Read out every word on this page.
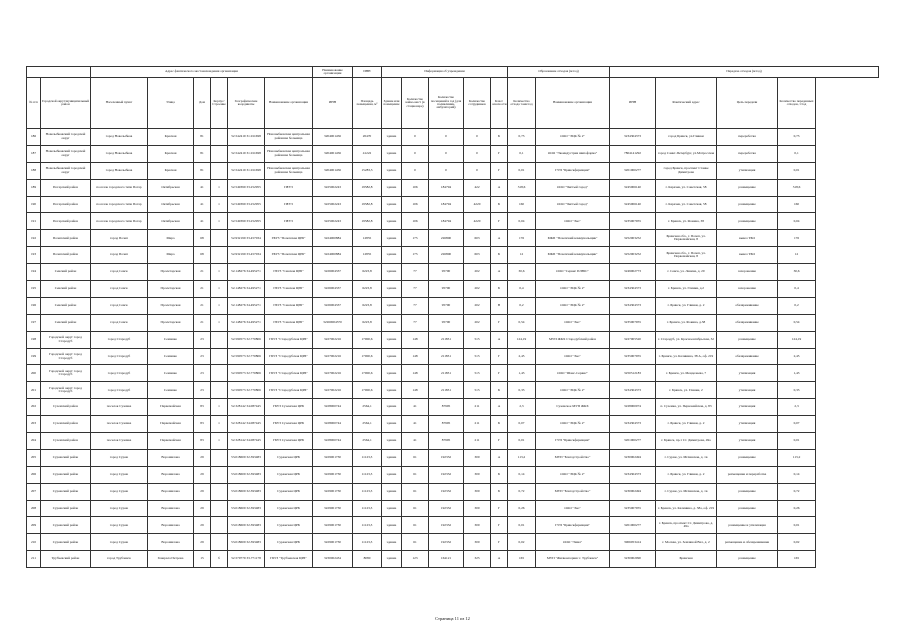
		Адрес фактического местонахождения организации						Наименование организации	ИНН	Информация об учреждении					Образование отходов (м/год)		Передача отходов (м/год)			
№ п/п	Городской округ/муниципальный район	Населенный пункт	Улица	Дом	Корпус/ Строение	Географические координаты	Наименование организации	ИНН	Площадь помещения, м²	Здание или помещение	Количество койко-мест (в стационаре)	Количество посещений в год (для поликлиник, амбулаторий)	Количество сотрудников	Класс опасности	Количество отхода тонн/год	Наименование организации	ИНН	Фактический адрес	Цель передачи	Количество переданных отходов, т/год
186	Новозыбковский городской округ	город Новозыбков	Красная	81		52.542419 31.911698	Новозыбковская центральная районная больница	3204001456	20470	здание	0	0	0	Б	0,73	ООО "ЭЦК № 2"	3234304373	город Брянск, ул.Глинки	переработка	0,73
187	Новозыбковский городской округ	город Новозыбков	Красная	81		52.542419 31.911698	Новозыбковская центральная районная больница	3204001456	41222	здание	0	0	0	Г	0,1	ООО "Экоиндустрия шипофарма"	7804141292	город Санкт-Петербург, ул.Матросская	переработка	0,1
188	Новозыбковский городской округ	город Новозыбков	Красная	81		52.542419 31.911698	Новозыбковская центральная районная больница	3204001456	15283,3	здание	0	0	0	Г	0,01	ГУП "Брянскфармация"	3201000277	город Брянск, проспект Станке Димитрова	утилизация	0,01
189	Погарский район	поселок городского типа Погар	Октябрьская	41	1	52.549399 33.252955	ПЕУЗ	3225002243	19582,8	здание	106	184794	422	А	318,6	ООО "Чистый город"	3245006140	г. Карачев, ул. Советская, 58	размещение	318,6
190	Погарский район	поселок городского типа Погар	Октябрьская	41	1	52.549399 33.252955	ПЕУЗ	3225002243	19582,8	здание	106	184794	4220	Б	160	ООО "Чистый город"	3245006140	г. Карачев, ул. Советская, 58	размещение	160
191	Погарский район	поселок городского типа Погар	Октябрьская	41	1	52.549399 33.252955	ПЕУЗ	3225002243	19582,8	здание	106	184794	4220	Г	0,04	ООО "Эко"	3235007955	г. Брянск, ул. Фокина, 38	размещение	0,04
192	Почепский район	город Почеп	Мира	68		52.932199 33.457034	ГБУЗ "Почепская ЦРБ"	3224000884	12855	здание	175	226800	603	А	176	МКП "Почепский коммунальщик"	3252003252	Брянская обл., г. Почеп, ул. Первомайская, 8	вывоз ТБО	176
193	Почепский район	город Почеп	Мира	68		52.932199 33.457034	ГБУЗ "Почепская ЦРБ"	3224000884	12855	здание	175	226800	603	Б	12	МКП "Почепский коммунальщик"	3252003252	Брянская обл., г. Почеп, ул. Первомайская, 8	вывоз ТБО	12
194	Севский район	город Севск	Пролетарская	21	1	52.148276 34.495271	ГБУЗ "Севская ЦРБ"	3226004337	6223,8	здание	77	95700	202	А	30,6	ООО "Сервис ПЛЮС"	3249002773	г. Севск, ул. Ленина, д. 20	захоронение	30,6
195	Севский район	город Севск	Пролетарская	21	1	52.148276 34.495271	ГБУЗ "Севская ЦРБ"	3226004337	6223,8	здание	77	95700	202	Б	0,4	ООО "ЭЦК № 2"	3234304373	г. Брянск, ул. Глинки, д.2	захоронение	0,4
196	Севский район	город Севск	Пролетарская	21	1	52.148276 34.495271	ГБУЗ "Севская ЦРБ"	3226004337	6223,8	здание	77	95700	202	В	0,2	ООО "ЭЦК № 2"	3234304373	г. Брянск, ул. Глинки, д. 2	обезвреживание	0,2
197	Севский район	город Севск	Пролетарская	21	1	52.148276 34.495271	ГБУЗ "Севская ЦРБ"	32260004370	6223,8	здание	77	95700	202	Г	0,54	ООО "Эко"	3235007955	г. Брянск, ул. Фокина, д.38	обезвреживание	0,54
198	Городской округ город Стародуб	город Стародуб	Семашко	23		52.590573 32.770806	ГБУЗ "Стародубская ЦРБ"	3227002216	17000,6	здание	148	211831	515	А	124,19	МУП ЖКХ Стародубский район	3227005520	г. Стародуб, ул. Краснооктябрьская, 32	размещение	124,19
199	Городской округ город Стародуб	город Стародуб	Семашко	23		52.590573 32.770806	ГБУЗ "Стародубская ЦРБ"	3227002216	17000,6	здание	148	211831	515	Г	2,45	ООО "Эко"	3235007955	г. Брянск, ул. Калинина, 38 А, оф. 219	обезвреживание	2,45
200	Городской округ город Стародуб	город Стародуб	Семашко	23		52.590573 32.770806	ГБУЗ "Стародубская ЦРБ"	3227002216	17000,6	здание	148	211831	515	Г	1,43	ООО "Шанс-Сервис"	3250512183	г. Брянск, ул. Менделеева, 7	утилизация	1,43
201	Городской округ город Стародуб	город Стародуб	Семашко	23		52.590573 32.770806	ГБУЗ "Стародубская ЦРБ"	3227002216	17000,6	здание	148	211831	515	Б	0,33	ООО "ЭЦК № 2"	3234304373	г. Брянск, ул. Глинки, 2	утилизация	0,33
202	Суземский район	поселок Суземка	Первомайская	83	1	52.328142 34.087445	ГБУЗ Суземская ЦРБ	3228000744	2564,1	здание	41	87995	211	А	2,3	Суземское МУП ЖКХ	3228000074	п. Суземка, ул. Первомайская, д. 83	утилизация	2,3
203	Суземский район	поселок Суземка	Первомайская	83	1	52.328142 34.087445	ГБУЗ Суземская ЦРБ	3228000744	2564,1	здание	41	87995	211	Б	0,07	ООО "ЭЦК № 2"	3234304373	г. Брянск, ул. Глинки, д. 2	утилизация	0,07
204	Суземский район	поселок Суземка	Первомайская	83	1	52.328142 34.087445	ГБУЗ Суземская ЦРБ	3228000744	2564,1	здание	41	87995	211	Г	0,01	ГУП "Брянскфармация"	3201000277	г. Брянск, пр-т Ст. Димитрова, 49а	утилизация	0,01
205	Суражский район	город Сураж	Ворошилова	29		53.018609 32.393483	Суражская ЦРБ	3229001730	11123,3	здание	61	192332	300	А	113,2	МУП "Благоустройство"	3230002494	г. Сураж, ул. Мглинская, д. 1в	размещение	113,2
206	Суражский район	город Сураж	Ворошилова	29		53.018609 32.393483	Суражская ЦРБ	3229001730	11123,3	здание	61	192332	300	Б	0,14	ООО "ЭЦК № 2"	3234304373	г. Брянск, ул. Глинки, д. 2	размещение и переработка	0,14
207	Суражский район	город Сураж	Ворошилова	29		53.018609 32.393483	Суражская ЦРБ	3229001730	11123,3	здание	61	192332	300	Б	0,72	МУП "Благоустройство"	3230002494	г. Сураж, ул. Мглинская, д. 1в	размещение	0,72
208	Суражский район	город Сураж	Ворошилова	29		53.018609 32.393483	Суражская ЦРБ	3229001730	11123,3	здание	61	192332	300	Г	0,26	ООО "Эко"	3235007955	г. Брянск, ул. Калинина, д. 38а, оф. 219	размещение	0,26
209	Суражский район	город Сураж	Ворошилова	29		53.018609 32.393483	Суражская ЦРБ	3229001730	11123,3	здание	61	192332	300	Г	0,01	ГУП "Брянскфармация"	3201000277	г. Брянск, проспект Ст. Димитрова, д. 49а	размещение и утилизация	0,01
210	Суражский район	город Сураж	Ворошилова	29		53.018609 32.393483	Суражская ЦРБ	3229001730	11123,3	здание	61	192332	300	Г	0,02	ООО "Эмма"	3906053414	г. Москва, ул. Земляной Вал, д. 2	размещение и обезвреживание	0,02
211	Трубчевский район	город Трубчевск	Генерала Петрова	15	б	52.579779 33.771178	ГБУЗ "Трубчевская ЦРБ"	3230002434	8080	здание	123	164121	325	А	165	МУП "Жилкомсервис г. Трубчевск"	3230002090	Брянская	размещение	165
Страница 11 из 12
